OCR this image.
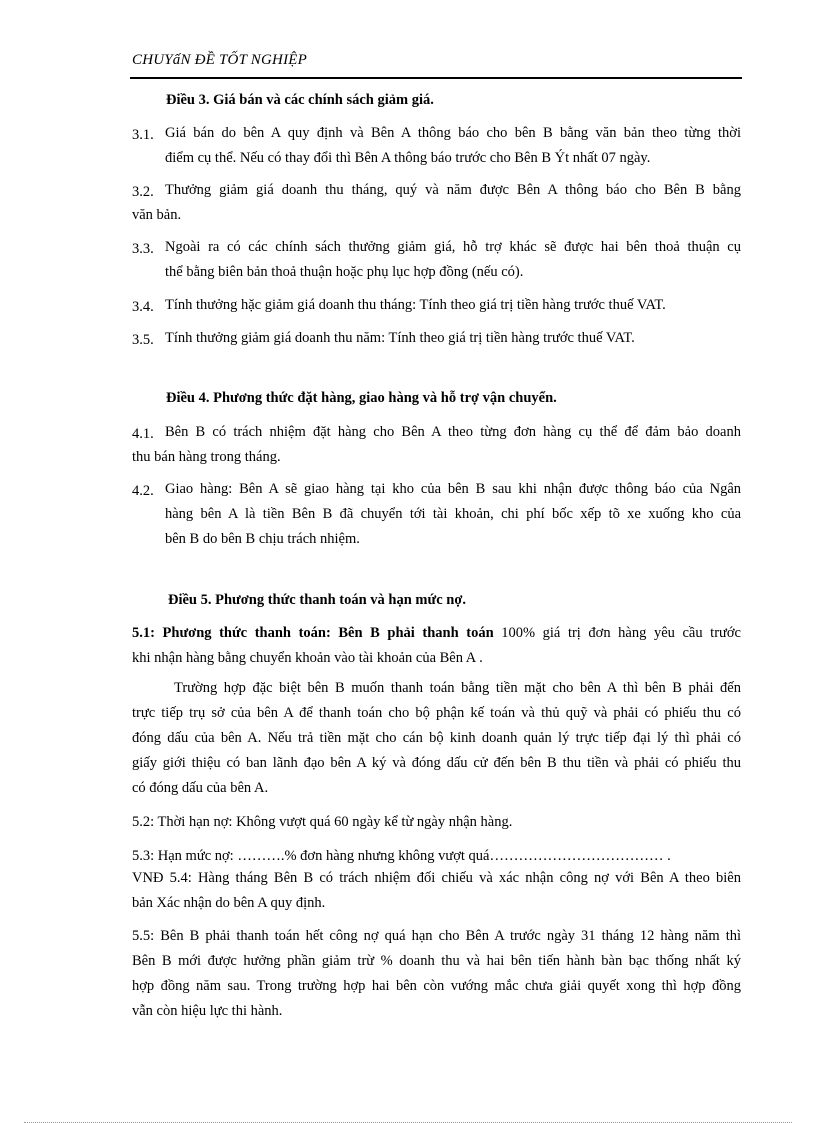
CHUYấN ĐỀ TỐT NGHIỆP
Điều 3. Giá bán và các chính sách giảm giá.
3.1. Giá bán do bên A quy định và Bên A thông báo cho bên B bằng văn bản theo từng thời
điểm cụ thể. Nếu có thay đổi thì Bên A thông báo trước cho Bên B Ýt nhất 07 ngày.
3.2. Thưởng giảm giá doanh thu tháng, quý và năm được Bên A thông báo cho Bên B bằng
văn bản.
3.3. Ngoài ra có các chính sách thưởng giảm giá, hỗ trợ khác sẽ được hai bên thoả thuận cụ
thể bằng biên bản thoả thuận hoặc phụ lục hợp đồng (nếu có).
3.4. Tính thưởng hặc giảm giá doanh thu tháng: Tính theo giá trị tiền hàng trước thuế VAT.
3.5. Tính thưởng giảm giá doanh thu năm: Tính theo giá trị tiền hàng trước thuế VAT.
Điều 4. Phương thức đặt hàng, giao hàng và hỗ trợ vận chuyển.
4.1. Bên B có trách nhiệm đặt hàng cho Bên A theo từng đơn hàng cụ thể để đảm bảo doanh
thu bán hàng trong tháng.
4.2. Giao hàng: Bên A sẽ giao hàng tại kho của bên B sau khi nhận được thông báo của Ngân
hàng bên A là tiền Bên B đã chuyển tới tài khoản, chi phí bốc xếp tõ xe xuống kho của
bên B do bên B chịu trách nhiệm.
Điều 5. Phương thức thanh toán và hạn mức nợ.
5.1: Phương thức thanh toán: Bên B phải thanh toán 100% giá trị đơn hàng yêu cầu trước
khi nhận hàng bằng chuyển khoản vào tài khoản của Bên A .
Trường hợp đặc biệt bên B muốn thanh toán bằng tiền mặt cho bên A thì bên B phải đến
trực tiếp trụ sở của bên A để thanh toán cho bộ phận kế toán và thủ quỹ và phải có phiếu thu có
đóng dấu của bên A. Nếu trả tiền mặt cho cán bộ kinh doanh quản lý trực tiếp đại lý thì phải có
giấy giới thiệu có ban lãnh đạo bên A ký và đóng dấu cử đến bên B thu tiền và phải có phiếu thu
có đóng dấu của bên A.
5.2: Thời hạn nợ: Không vượt quá 60 ngày kể từ ngày nhận hàng.
5.3: Hạn mức nợ: ……….% đơn hàng nhưng không vượt quá……………………………… .
VNĐ 5.4: Hàng tháng Bên B có trách nhiệm đối chiếu và xác nhận công nợ với Bên A theo biên
bản Xác nhận do bên A quy định.
5.5: Bên B phải thanh toán hết công nợ quá hạn cho Bên A trước ngày 31 tháng 12 hàng năm thì
Bên B mới được hưởng phần giảm trừ % doanh thu và hai bên tiến hành bàn bạc thống nhất ký
hợp đồng năm sau. Trong trường hợp hai bên còn vướng mắc chưa giải quyết xong thì hợp đồng
vẫn còn hiệu lực thi hành.
